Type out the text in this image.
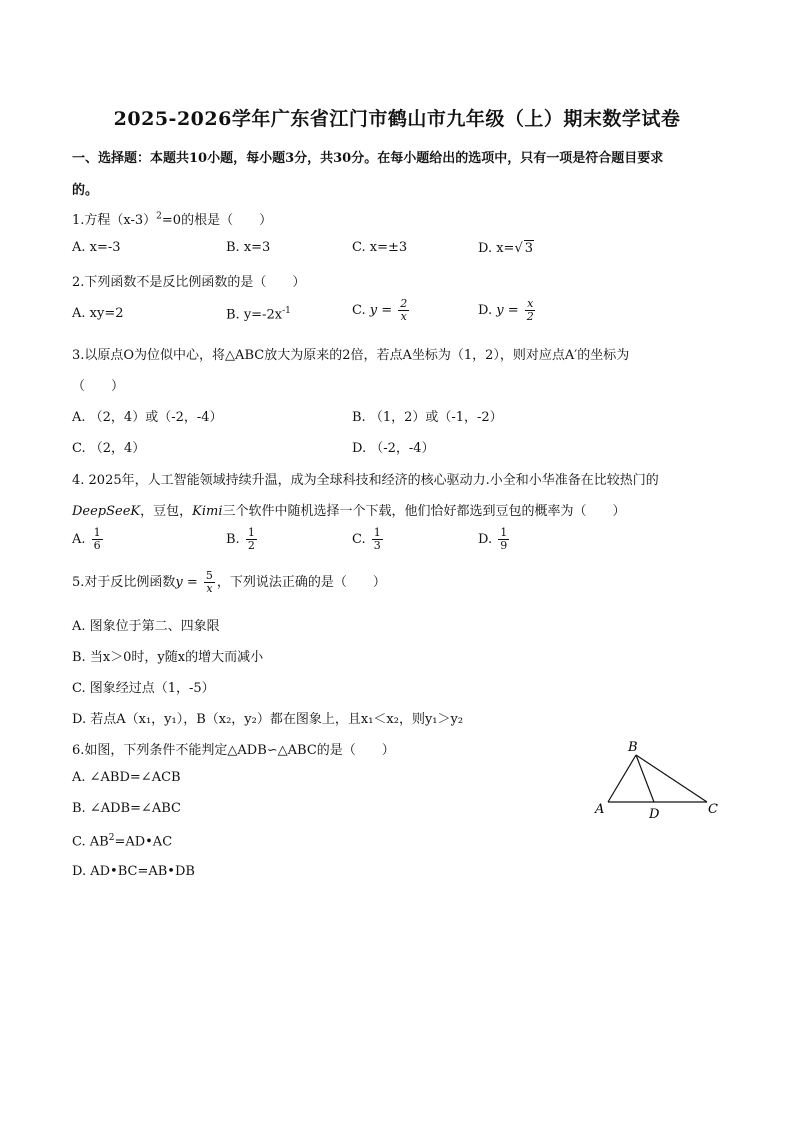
2025-2026学年广东省江门市鹤山市九年级（上）期末数学试卷
一、选择题：本题共10小题，每小题3分，共30分。在每小题给出的选项中，只有一项是符合题目要求
的。
1.方程$(x-3)^2=0$的根是（　　）
A. x=-3	B. x=3	C. x=±3	D. x=√ 3
2.下列函数不是反比例函数的是（　　）
A. xy=2	B. $y=-2x^{-1}$	C. $y = \frac{2}{x}$	D. $y = \frac{x}{2}$
3.以原点O为位似中心，将△ABC放大为原来的2倍，若点A坐标为（1，2），则对应点A′的坐标为
（　　）
A. （2，4）或（-2，-4）	B. （1，2）或（-1，-2）
C. （2，4）	D. （-2，-4）
4. 2025年，人工智能领域持续升温，成为全球科技和经济的核心驱动力.小全和小华准备在比较热门的
DeepSeeK，豆包，Kimi三个软件中随机选择一个下载，他们恰好都选到豆包的概率为（　　）
A. $\frac{1}{6}$	B. $\frac{1}{2}$	C. $\frac{1}{3}$	D. $\frac{1}{9}$
5.对于反比例函数$y = \frac{5}{x}$ ，下列说法正确的是（　　）
A. 图象位于第二、四象限
B. 当x＞0时，y随x的增大而减小
C. 图象经过点（1，-5）
D. 若点A（x₁，y₁），B（x₂，y₂）都在图象上，且x₁＜x₂，则y₁＞y₂
6.如图，下列条件不能判定△ADB∽△ABC的是（　　）
A. ∠ABD=∠ACB
B. ∠ADB=∠ABC
C. $AB^2=AD•AC$
D. AD•BC=AB•DB
B
A	D	C
